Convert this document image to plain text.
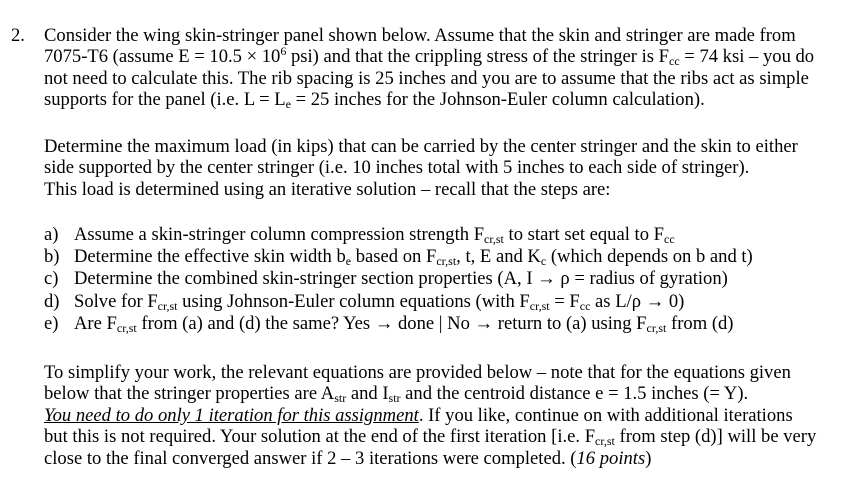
2. Consider the wing skin-stringer panel shown below. Assume that the skin and stringer are made from
7075-T6 (assume $E = 10.5 \times 10^6$ psi) and that the crippling stress of the stringer is $F_{cc} = 74$ ksi – you do
not need to calculate this. The rib spacing is 25 inches and you are to assume that the ribs act as simple
supports for the panel (i.e. $L = L_e = 25$ inches for the Johnson-Euler column calculation).
Determine the maximum load (in kips) that can be carried by the center stringer and the skin to either
side supported by the center stringer (i.e. 10 inches total with 5 inches to each side of stringer).
This load is determined using an iterative solution – recall that the steps are:
a) Assume a skin-stringer column compression strength $F_{cr,st}$ to start set equal to $F_{cc}$
b) Determine the effective skin width $b_e$ based on $F_{cr,st}$, t, E and $K_c$ (which depends on b and t)
c) Determine the combined skin-stringer section properties (A, I → ρ = radius of gyration)
d) Solve for $F_{cr,st}$ using Johnson-Euler column equations (with $F_{cr,st} = F_{cc}$ as L/ρ → 0)
e) Are $F_{cr,st}$ from (a) and (d) the same? Yes → done | No → return to (a) using $F_{cr,st}$ from (d)
To simplify your work, the relevant equations are provided below – note that for the equations given
below that the stringer properties are $A_{str}$ and $I_{str}$ and the centroid distance e = 1.5 inches (= Y).
You need to do only 1 iteration for this assignment. If you like, continue on with additional iterations
but this is not required. Your solution at the end of the first iteration [i.e. $F_{cr,st}$ from step (d)] will be very
close to the final converged answer if 2 – 3 iterations were completed. (16 points)
